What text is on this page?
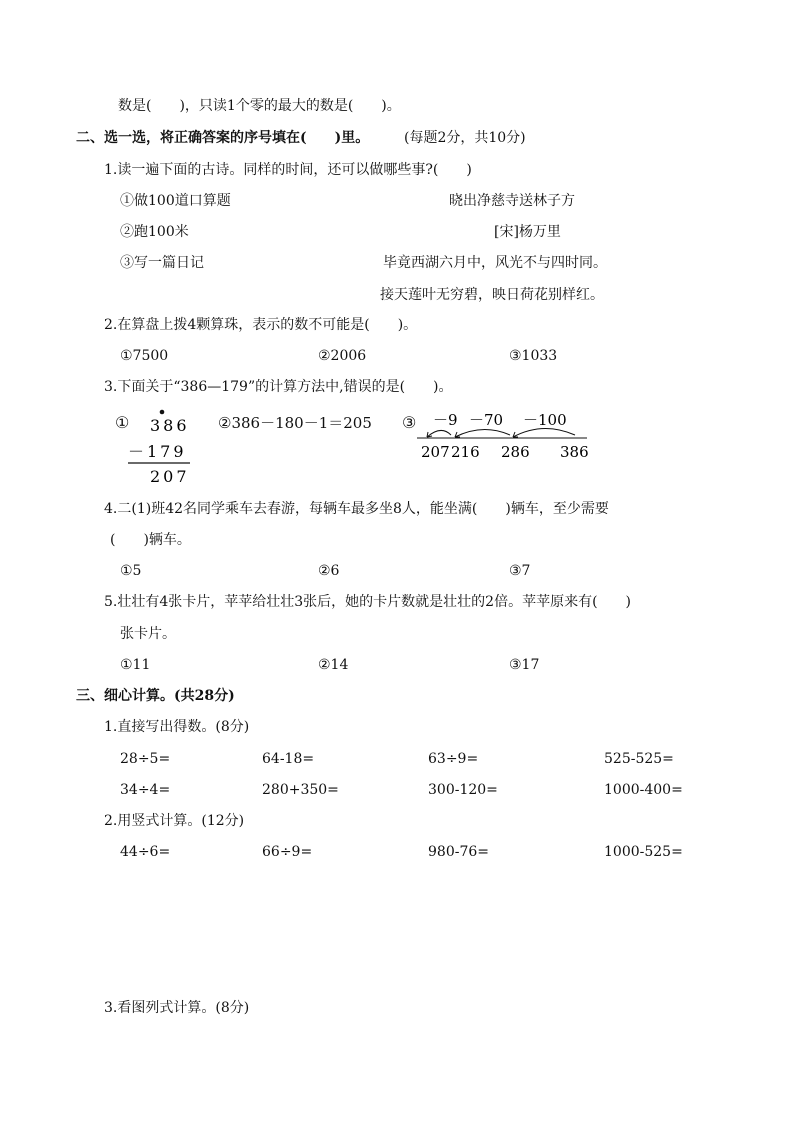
数是(　　)，只读1个零的最大的数是(　　)。
二、选一选，将正确答案的序号填在(　　)里。 (每题2分，共10分)
1.读一遍下面的古诗。同样的时间，还可以做哪些事?(　　)
①做100道口算题
②跑100米
③写一篇日记
晓出净慈寺送林子方
[宋]杨万里
毕竟西湖六月中，风光不与四时同。
接天莲叶无穷碧，映日荷花别样红。
2.在算盘上拨4颗算珠，表示的数不可能是(　　)。
①7500	②2006	③1033
3.下面关于“386—179”的计算方法中,错误的是(　　)。
① 386
－179
207
②386－180－1＝205 ③ －9 －70 －100
207 216 286 386
4.二(1)班42名同学乘车去春游，每辆车最多坐8人，能坐满(　　)辆车，至少需要
(　　)辆车。
①5	②6	③7
5.壮壮有4张卡片，苹苹给壮壮3张后，她的卡片数就是壮壮的2倍。苹苹原来有(　　)
张卡片。
①11	②14	③17
三、细心计算。(共28分)
1.直接写出得数。(8分)
28÷5=	64-18=	63÷9=	525-525=
34÷4=	280+350=	300-120=	1000-400=
2.用竖式计算。(12分)
44÷6=	66÷9=	980-76=	1000-525=
3.看图列式计算。(8分)
